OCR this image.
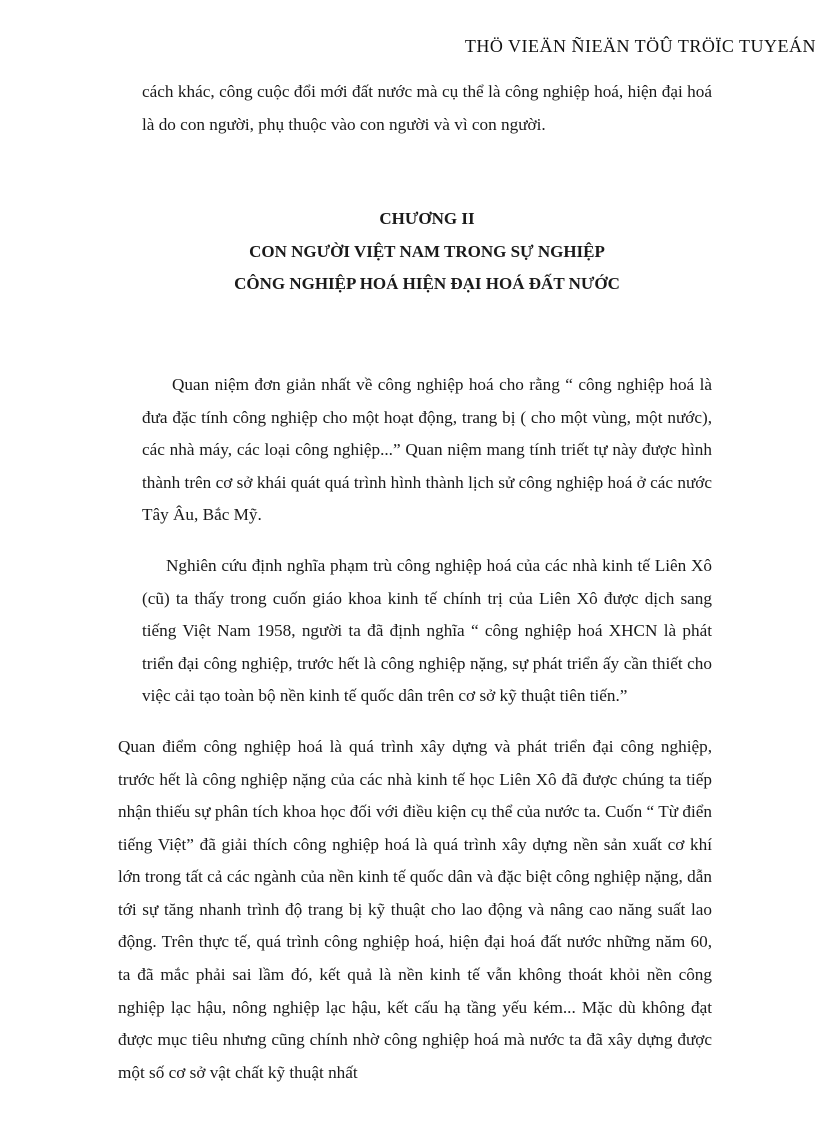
THÖ VIEÄN ÑIEÄN TÖÛ TRÖÏC TUYEÁN

cách khác, công cuộc đổi mới đất nước mà cụ thể là công nghiệp hoá, hiện đại hoá là do con người, phụ thuộc vào con người và vì con người.

CHƯƠNG II
CON NGƯỜI VIỆT NAM TRONG SỰ NGHIỆP
CÔNG NGHIỆP HOÁ HIỆN ĐẠI HOÁ ĐẤT NƯỚC

Quan niệm đơn giản nhất về công nghiệp hoá cho rằng “ công nghiệp hoá là đưa đặc tính công nghiệp cho một hoạt động, trang bị ( cho một vùng, một nước), các nhà máy, các loại công nghiệp...” Quan niệm mang tính triết tự này được hình thành trên cơ sở khái quát quá trình hình thành lịch sử công nghiệp hoá ở các nước Tây Âu, Bắc Mỹ.

Nghiên cứu định nghĩa phạm trù công nghiệp hoá của các nhà kinh tế Liên Xô (cũ) ta thấy trong cuốn giáo khoa kinh tế chính trị của Liên Xô được dịch sang tiếng Việt Nam 1958, người ta đã định nghĩa “ công nghiệp hoá XHCN là phát triển đại công nghiệp, trước hết là công nghiệp nặng, sự phát triển ấy cần thiết cho việc cải tạo toàn bộ nền kinh tế quốc dân trên cơ sở kỹ thuật tiên tiến.”

Quan điểm công nghiệp hoá là quá trình xây dựng và phát triển đại công nghiệp, trước hết là công nghiệp nặng của các nhà kinh tế học Liên Xô đã được chúng ta tiếp nhận thiếu sự phân tích khoa học đối với điều kiện cụ thể của nước ta. Cuốn “ Từ điển tiếng Việt” đã giải thích công nghiệp hoá là quá trình xây dựng nền sản xuất cơ khí lớn trong tất cả các ngành của nền kinh tế quốc dân và đặc biệt công nghiệp nặng, dẫn tới sự tăng nhanh trình độ trang bị kỹ thuật cho lao động và nâng cao năng suất lao động. Trên thực tế, quá trình công nghiệp hoá, hiện đại hoá đất nước những năm 60, ta đã mắc phải sai lầm đó, kết quả là nền kinh tế vẫn không thoát khỏi nền công nghiệp lạc hậu, nông nghiệp lạc hậu, kết cấu hạ tầng yếu kém... Mặc dù không đạt được mục tiêu nhưng cũng chính nhờ công nghiệp hoá mà nước ta đã xây dựng được một số cơ sở vật chất kỹ thuật nhất
